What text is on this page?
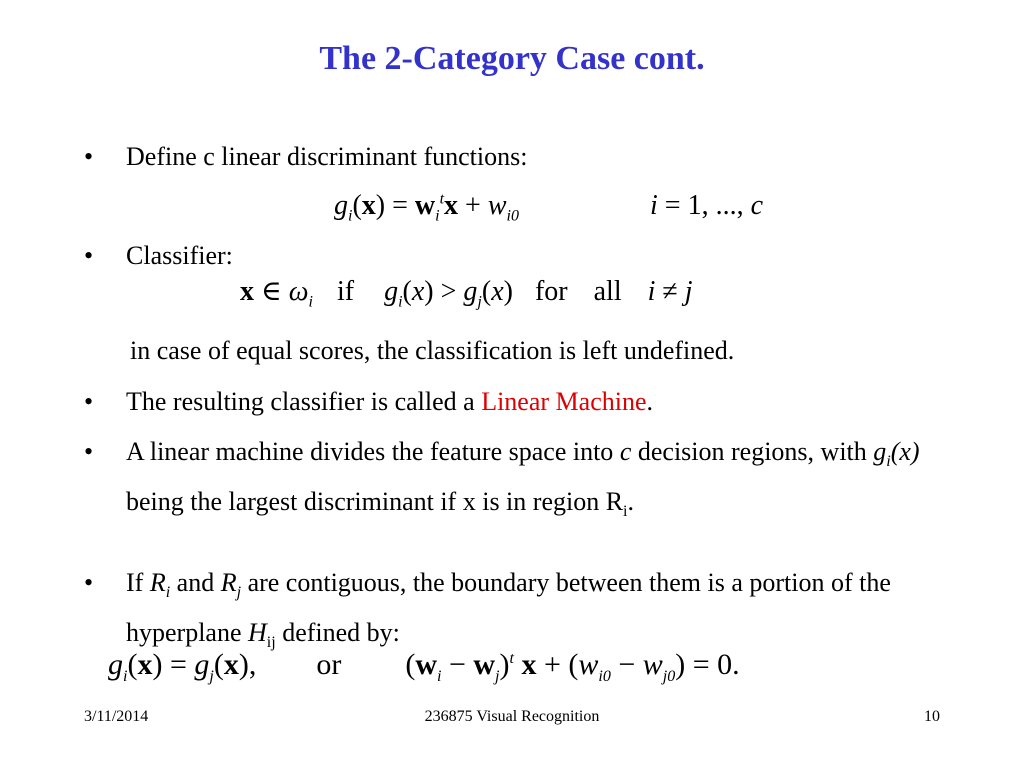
The 2-Category Case cont.
•	Define c linear discriminant functions:
$g_i(x) = w_i^tx + w_{i0}$	i = 1, ..., c
•	Classifier:
x ∈ $\omega_i$ if $g_i(x) > g_j(x)$ for all i ≠ j
in case of equal scores, the classification is left undefined.
•	The resulting classifier is called a Linear Machine.
•	A linear machine divides the feature space into c decision regions, with $g_i(x)$ being the largest discriminant if x is in region $R_i$.
•	If $R_i$ and $R_j$ are contiguous, the boundary between them is a portion of the hyperplane $H_{ij}$ defined by:
$g_i(x) = g_j(x)$, or $(w_i - w_j)^t$ $x + (w_{i0} - w_{j0}) = 0$.
3/11/2014	236875 Visual Recognition	10
